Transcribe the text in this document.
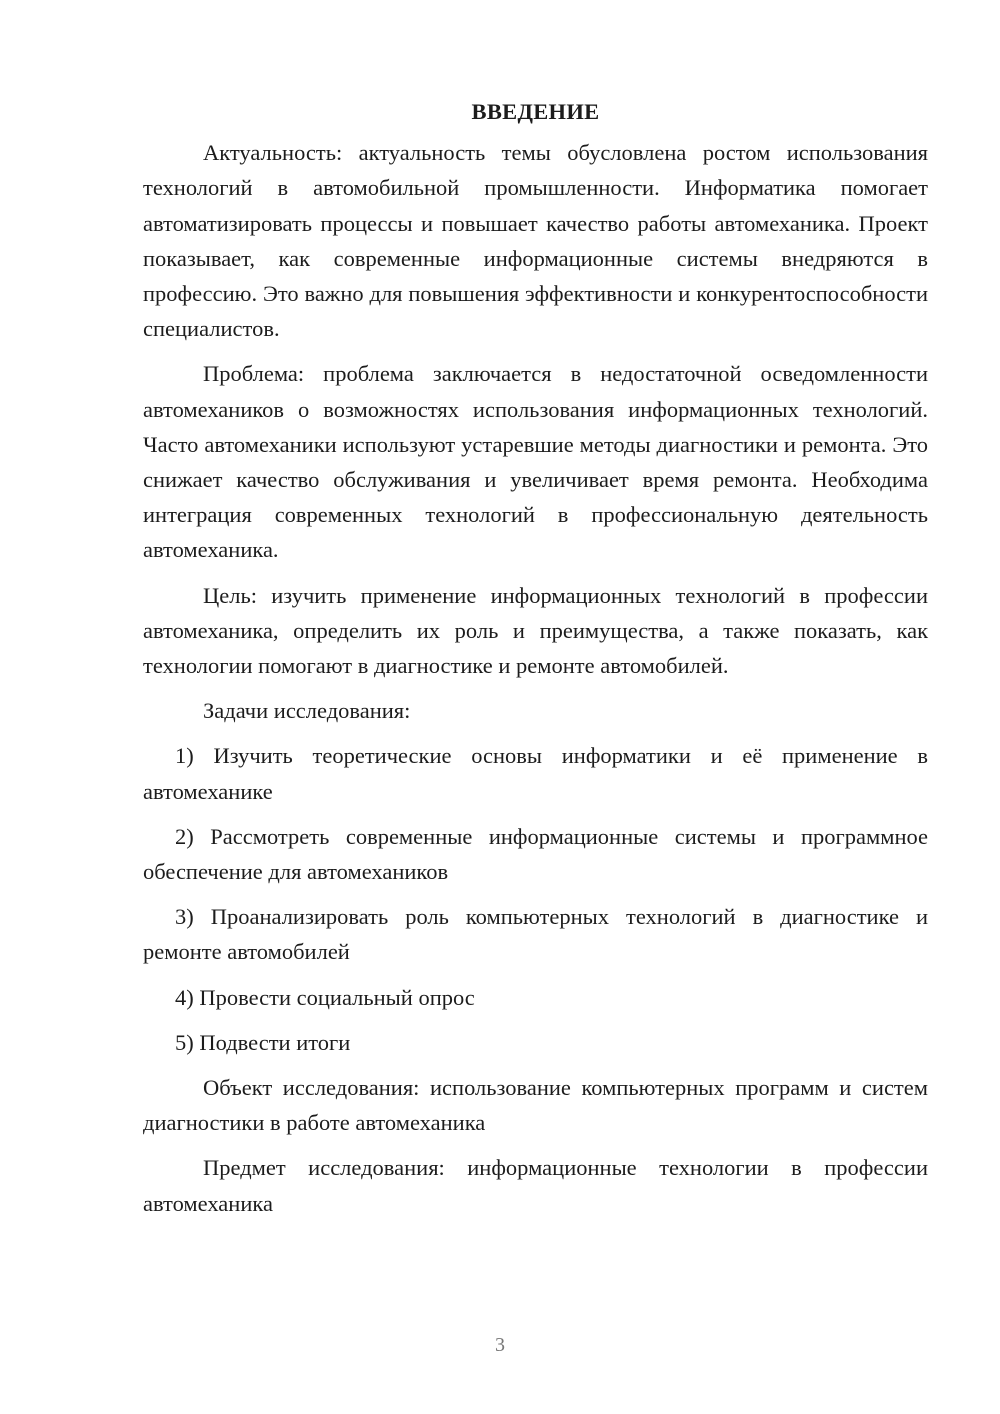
ВВЕДЕНИЕ

Актуальность: актуальность темы обусловлена ростом использования технологий в автомобильной промышленности. Информатика помогает автоматизировать процессы и повышает качество работы автомеханика. Проект показывает, как современные информационные системы внедряются в профессию. Это важно для повышения эффективности и конкурентоспособности специалистов.

Проблема: проблема заключается в недостаточной осведомленности автомехаников о возможностях использования информационных технологий. Часто автомеханики используют устаревшие методы диагностики и ремонта. Это снижает качество обслуживания и увеличивает время ремонта. Необходима интеграция современных технологий в профессиональную деятельность автомеханика.

Цель: изучить применение информационных технологий в профессии автомеханика, определить их роль и преимущества, а также показать, как технологии помогают в диагностике и ремонте автомобилей.

Задачи исследования:

1) Изучить теоретические основы информатики и её применение в автомеханике

2) Рассмотреть современные информационные системы и программное обеспечение для автомехаников

3) Проанализировать роль компьютерных технологий в диагностике и ремонте автомобилей

4) Провести социальный опрос

5) Подвести итоги

Объект исследования: использование компьютерных программ и систем диагностики в работе автомеханика

Предмет исследования: информационные технологии в профессии автомеханика

3
